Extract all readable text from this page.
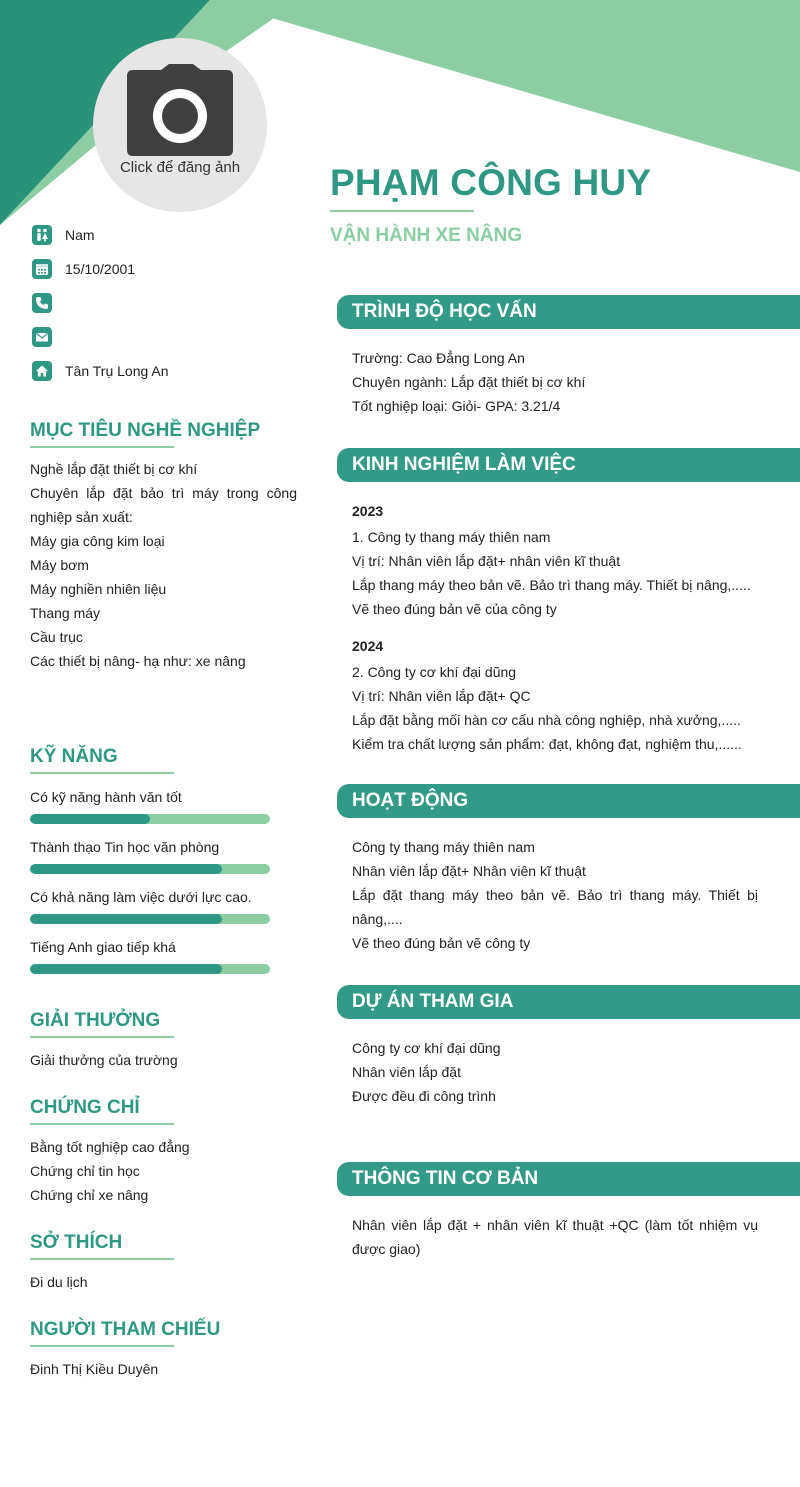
Click để đăng ảnh	PHẠM CÔNG HUY
VẬN HÀNH XE NÂNG
Nam
15/10/2001
Tân Trụ Long An
MỤC TIÊU NGHỀ NGHIỆP
Nghề lắp đặt thiết bị cơ khí
Chuyên lắp đặt bảo trì máy trong công
nghiệp sản xuất:
Máy gia công kim loại
Máy bơm
Máy nghiền nhiên liệu
Thang máy
Cầu trục
Các thiết bị nâng- hạ như: xe nâng
KỸ NĂNG
Có kỹ năng hành văn tốt
Thành thạo Tin học văn phòng
Có khả năng làm việc dưới lực cao.
Tiếng Anh giao tiếp khá
GIẢI THƯỞNG
Giải thưởng của trường
CHỨNG CHỈ
Bằng tốt nghiệp cao đẳng
Chứng chỉ tin học
Chứng chỉ xe nâng
SỞ THÍCH
Đi du lịch
NGƯỜI THAM CHIẾU
Đinh Thị Kiều Duyên
TRÌNH ĐỘ HỌC VẤN
Trường: Cao Đẳng Long An
Chuyên ngành: Lắp đặt thiết bị cơ khí
Tốt nghiệp loại: Giỏi- GPA: 3.21/4
KINH NGHIỆM LÀM VIỆC
2023
1. Công ty thang máy thiên nam
Vị trí: Nhân viên lắp đặt+ nhân viên kĩ thuật
Lắp thang máy theo bản vẽ. Bảo trì thang máy. Thiết bị nâng,.....
Vẽ theo đúng bản vẽ của công ty
2024
2. Công ty cơ khí đại dũng
Vị trí: Nhân viên lắp đặt+ QC
Lắp đặt bằng mối hàn cơ cấu nhà công nghiệp, nhà xưởng,.....
Kiểm tra chất lượng sản phẩm: đạt, không đạt, nghiệm thu,......
HOẠT ĐỘNG
Công ty thang máy thiên nam
Nhân viên lắp đặt+ Nhân viên kĩ thuật
Lắp đặt thang máy theo bản vẽ. Bảo trì thang máy. Thiết bị nâng,....
Vẽ theo đúng bản vẽ công ty
DỰ ÁN THAM GIA
Công ty cơ khí đại dũng
Nhân viên lắp đặt
Được đều đi công trình
THÔNG TIN CƠ BẢN
Nhân viên lắp đặt + nhân viên kĩ thuật +QC (làm tốt nhiệm vụ được giao)
